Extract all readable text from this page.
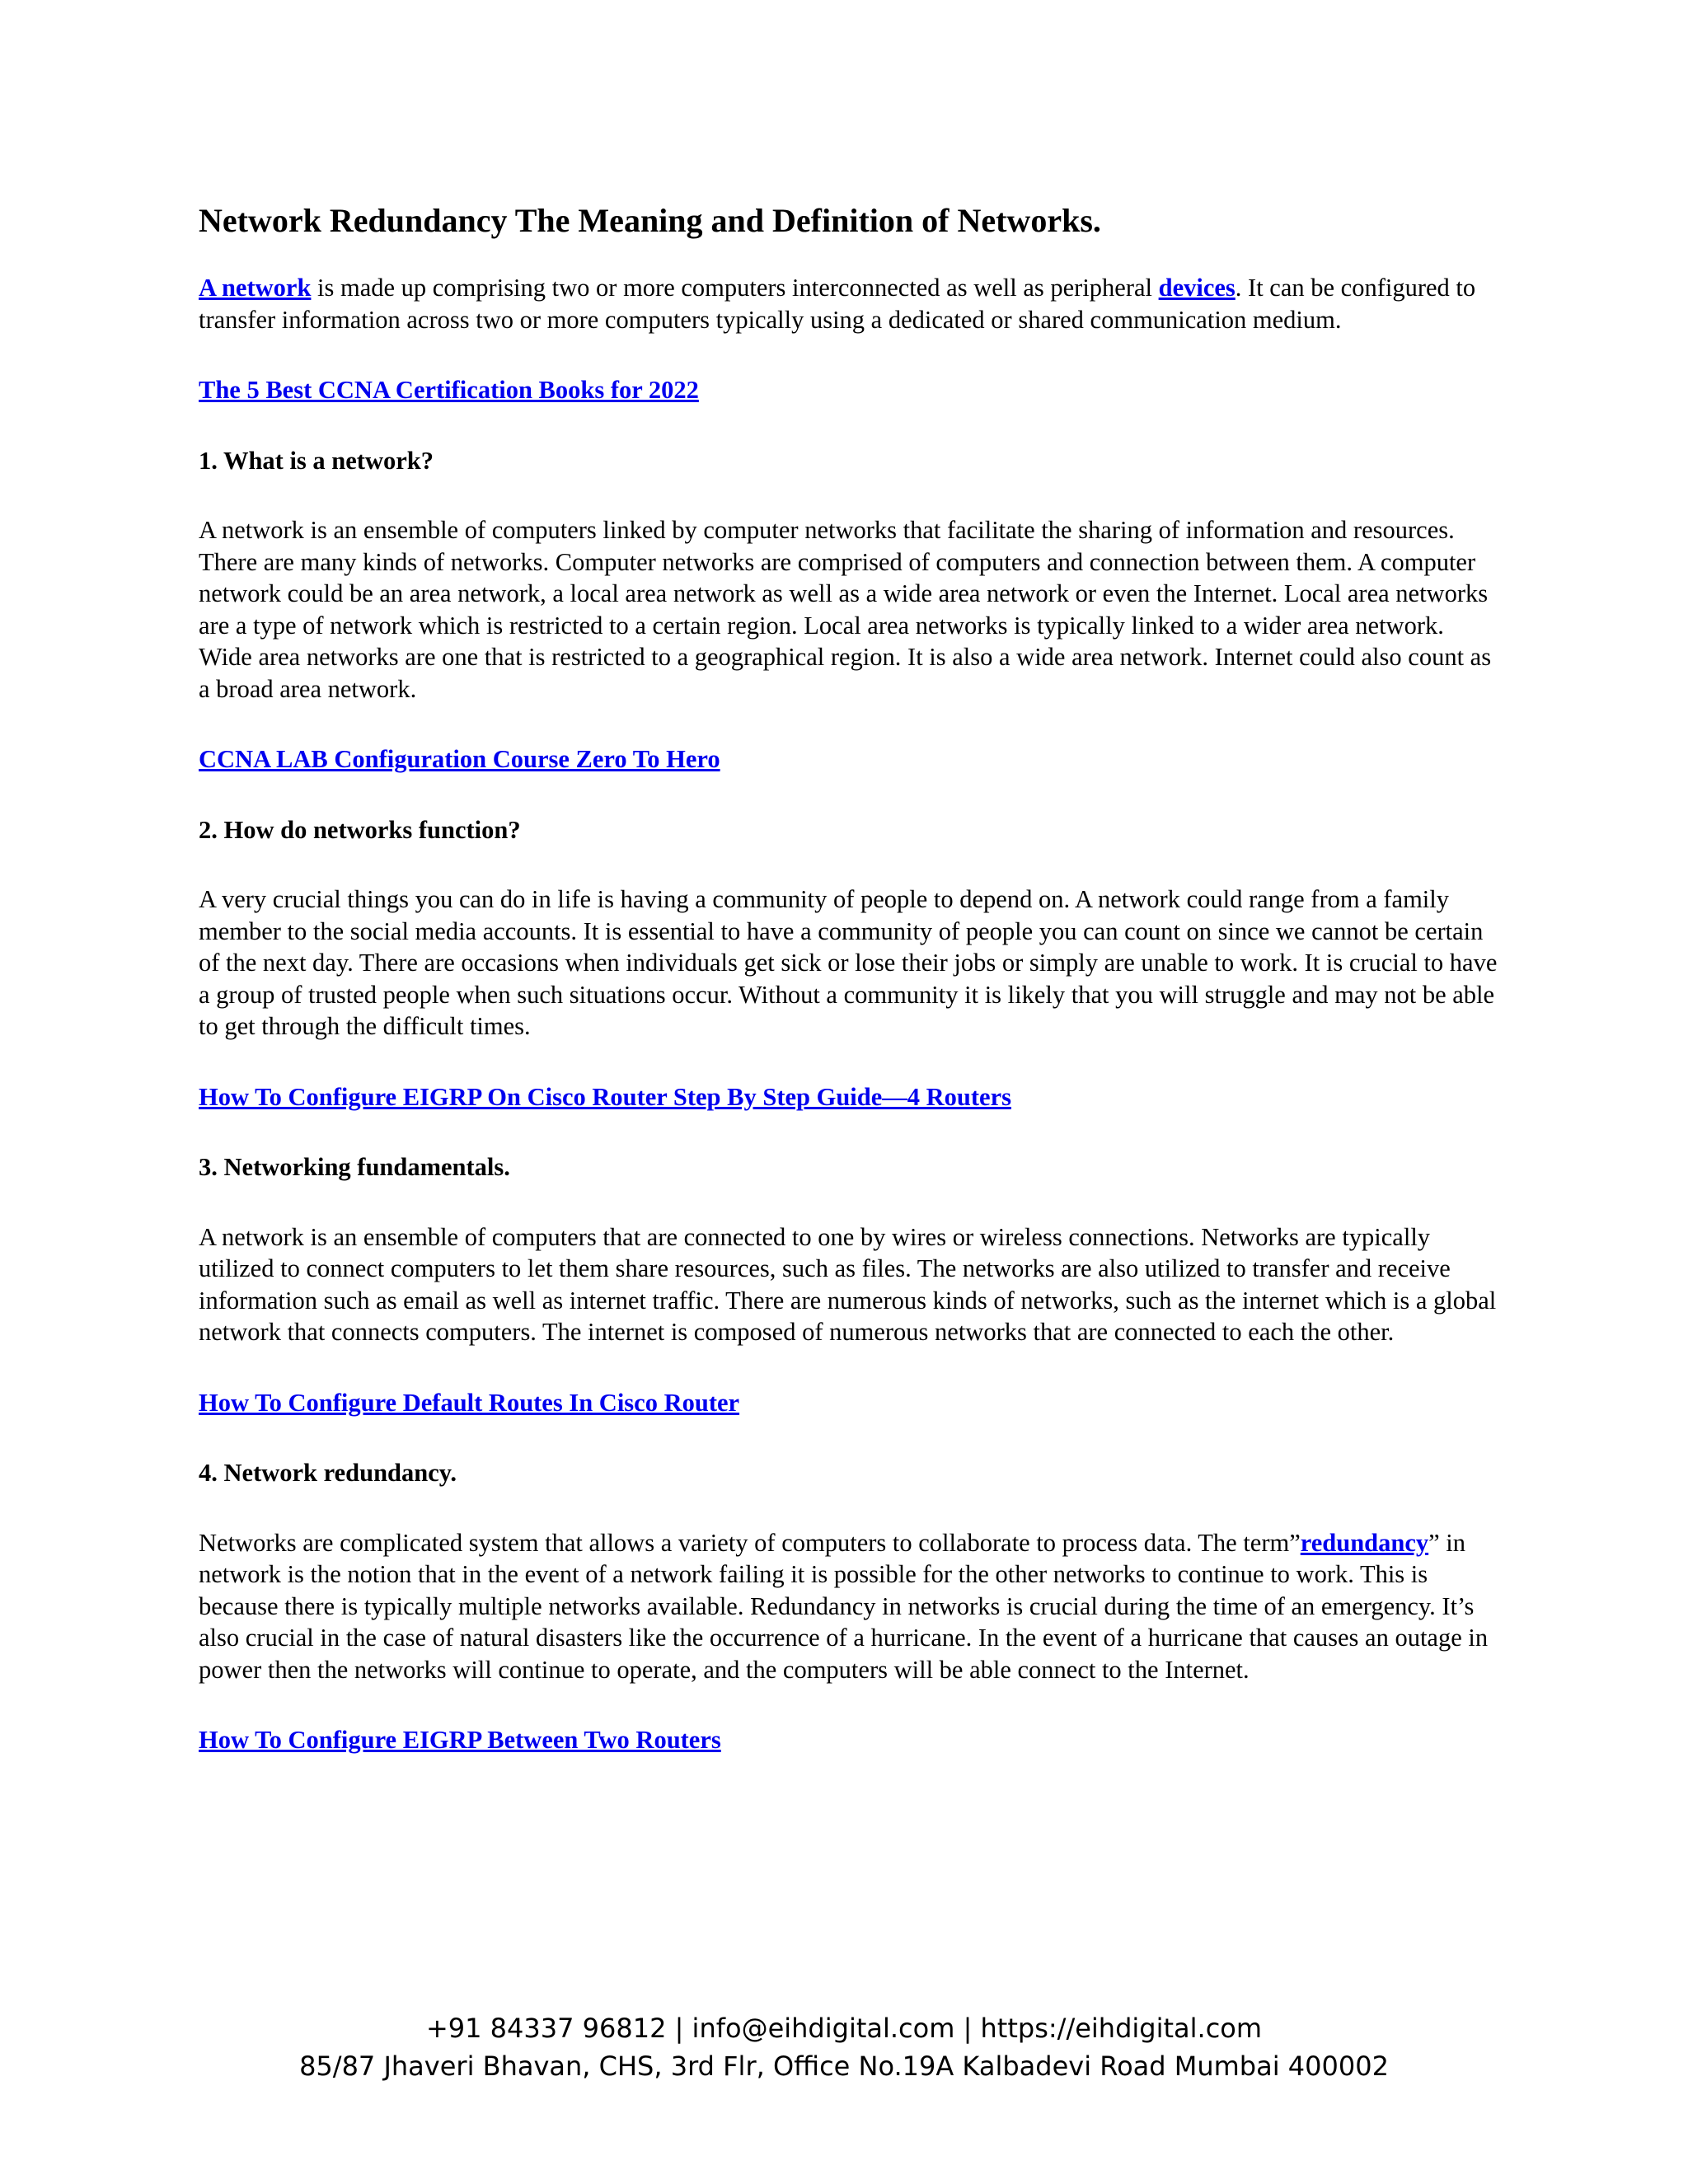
Network Redundancy The Meaning and Definition of Networks.

A network is made up comprising two or more computers interconnected as well as peripheral devices. It can be configured to transfer information across two or more computers typically using a dedicated or shared communication medium.

The 5 Best CCNA Certification Books for 2022

1. What is a network?

A network is an ensemble of computers linked by computer networks that facilitate the sharing of information and resources. There are many kinds of networks. Computer networks are comprised of computers and connection between them. A computer network could be an area network, a local area network as well as a wide area network or even the Internet. Local area networks are a type of network which is restricted to a certain region. Local area networks is typically linked to a wider area network. Wide area networks are one that is restricted to a geographical region. It is also a wide area network. Internet could also count as a broad area network.

CCNA LAB Configuration Course Zero To Hero

2. How do networks function?

A very crucial things you can do in life is having a community of people to depend on. A network could range from a family member to the social media accounts. It is essential to have a community of people you can count on since we cannot be certain of the next day. There are occasions when individuals get sick or lose their jobs or simply are unable to work. It is crucial to have a group of trusted people when such situations occur. Without a community it is likely that you will struggle and may not be able to get through the difficult times.

How To Configure EIGRP On Cisco Router Step By Step Guide—4 Routers

3. Networking fundamentals.

A network is an ensemble of computers that are connected to one by wires or wireless connections. Networks are typically utilized to connect computers to let them share resources, such as files. The networks are also utilized to transfer and receive information such as email as well as internet traffic. There are numerous kinds of networks, such as the internet which is a global network that connects computers. The internet is composed of numerous networks that are connected to each the other.

How To Configure Default Routes In Cisco Router

4. Network redundancy.

Networks are complicated system that allows a variety of computers to collaborate to process data. The term”redundancy” in network is the notion that in the event of a network failing it is possible for the other networks to continue to work. This is because there is typically multiple networks available. Redundancy in networks is crucial during the time of an emergency. It’s also crucial in the case of natural disasters like the occurrence of a hurricane. In the event of a hurricane that causes an outage in power then the networks will continue to operate, and the computers will be able connect to the Internet.

How To Configure EIGRP Between Two Routers

+91 84337 96812 | info@eihdigital.com | https://eihdigital.com
85/87 Jhaveri Bhavan, CHS, 3rd Flr, Office No.19A Kalbadevi Road Mumbai 400002
